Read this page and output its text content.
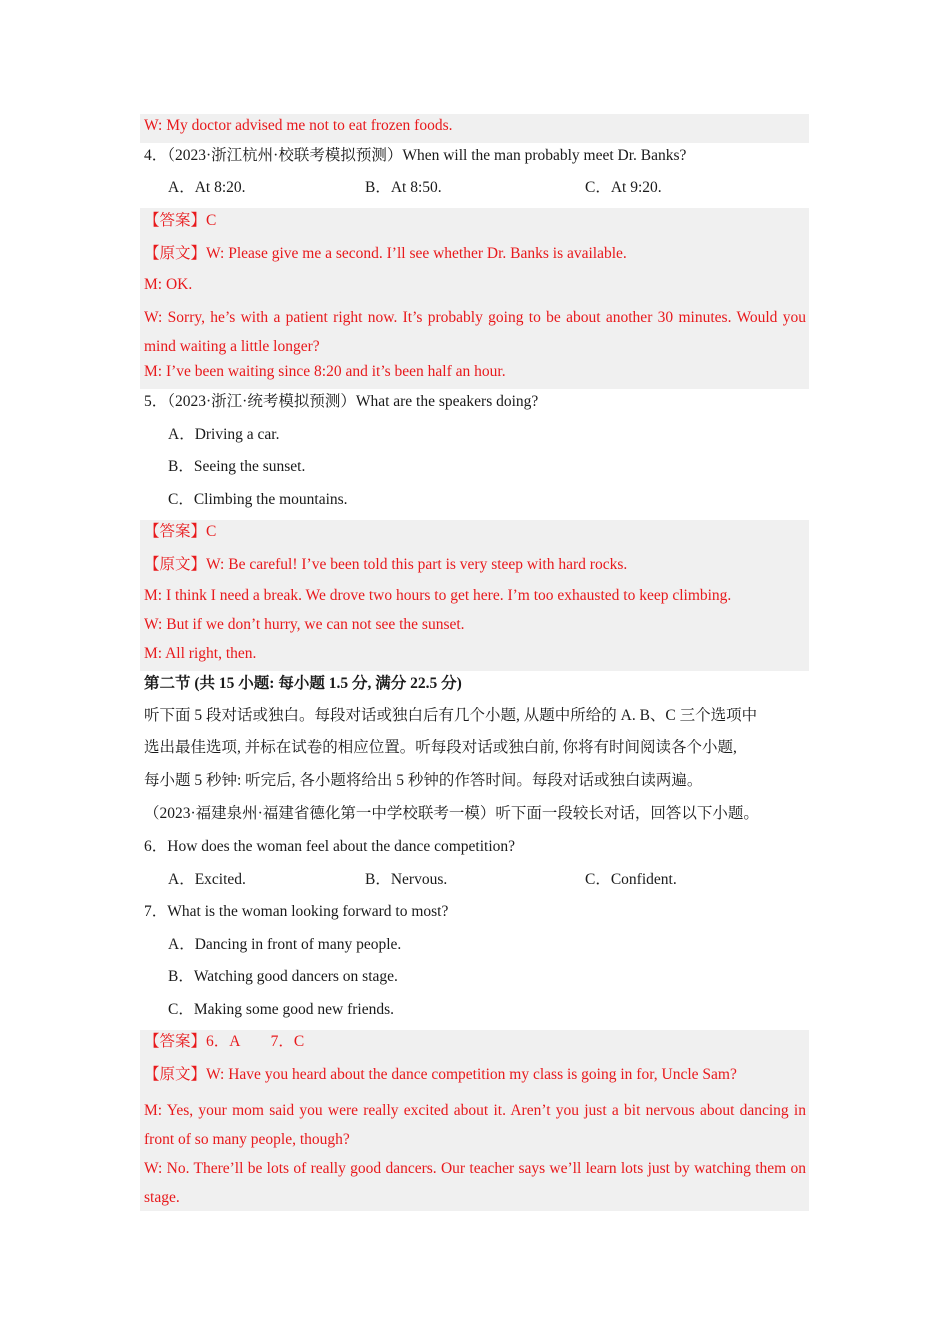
W: My doctor advised me not to eat frozen foods.
4．（2023·浙江杭州·校联考模拟预测）When will the man probably meet Dr. Banks?
A．At 8:20.	B．At 8:50.	C．At 9:20.
【答案】C
【原文】W: Please give me a second. I’ll see whether Dr. Banks is available.
M: OK.
W: Sorry, he’s with a patient right now. It’s probably going to be about another 30 minutes. Would you mind waiting a little longer?
M: I’ve been waiting since 8:20 and it’s been half an hour.
5．（2023·浙江·统考模拟预测）What are the speakers doing?
A．Driving a car.
B．Seeing the sunset.
C．Climbing the mountains.
【答案】C
【原文】W: Be careful! I’ve been told this part is very steep with hard rocks.
M: I think I need a break. We drove two hours to get here. I’m too exhausted to keep climbing.
W: But if we don’t hurry, we can not see the sunset.
M: All right, then.
第二节 (共 15 小题: 每小题 1.5 分, 满分 22.5 分)
听下面 5 段对话或独白。每段对话或独白后有几个小题, 从题中所给的 A. B、C 三个选项中
选出最佳选项, 并标在试卷的相应位置。听每段对话或独白前, 你将有时间阅读各个小题,
每小题 5 秒钟: 听完后, 各小题将给出 5 秒钟的作答时间。每段对话或独白读两遍。
（2023·福建泉州·福建省德化第一中学校联考一模）听下面一段较长对话，回答以下小题。
6．How does the woman feel about the dance competition?
A．Excited.	B．Nervous.	C．Confident.
7．What is the woman looking forward to most?
A．Dancing in front of many people.
B．Watching good dancers on stage.
C．Making some good new friends.
【答案】6．A　　7．C
【原文】W: Have you heard about the dance competition my class is going in for, Uncle Sam?
M: Yes, your mom said you were really excited about it. Aren’t you just a bit nervous about dancing in front of so many people, though?
W: No. There’ll be lots of really good dancers. Our teacher says we’ll learn lots just by watching them on stage.
